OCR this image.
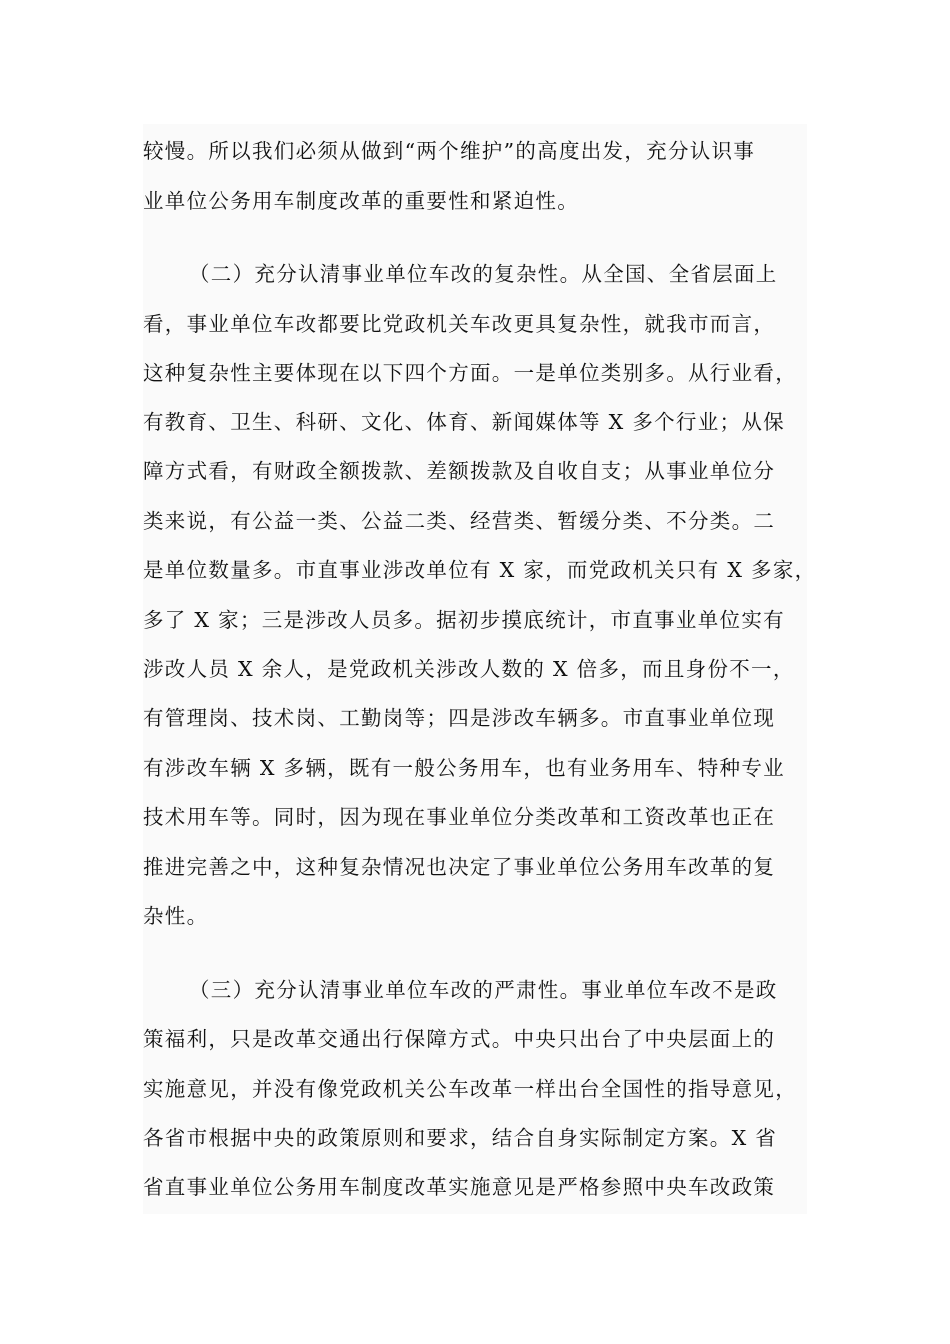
较慢。所以我们必须从做到“两个维护”的高度出发，充分认识事
业单位公务用车制度改革的重要性和紧迫性。
（二）充分认清事业单位车改的复杂性。从全国、全省层面上
看，事业单位车改都要比党政机关车改更具复杂性，就我市而言，
这种复杂性主要体现在以下四个方面。一是单位类别多。从行业看，
有教育、卫生、科研、文化、体育、新闻媒体等 X 多个行业；从保
障方式看，有财政全额拨款、差额拨款及自收自支；从事业单位分
类来说，有公益一类、公益二类、经营类、暂缓分类、不分类。二
是单位数量多。市直事业涉改单位有 X 家，而党政机关只有 X 多家，
多了 X 家；三是涉改人员多。据初步摸底统计，市直事业单位实有
涉改人员 X 余人，是党政机关涉改人数的 X 倍多，而且身份不一，
有管理岗、技术岗、工勤岗等；四是涉改车辆多。市直事业单位现
有涉改车辆 X 多辆，既有一般公务用车，也有业务用车、特种专业
技术用车等。同时，因为现在事业单位分类改革和工资改革也正在
推进完善之中，这种复杂情况也决定了事业单位公务用车改革的复
杂性。
（三）充分认清事业单位车改的严肃性。事业单位车改不是政
策福利，只是改革交通出行保障方式。中央只出台了中央层面上的
实施意见，并没有像党政机关公车改革一样出台全国性的指导意见，
各省市根据中央的政策原则和要求，结合自身实际制定方案。X 省
省直事业单位公务用车制度改革实施意见是严格参照中央车改政策
